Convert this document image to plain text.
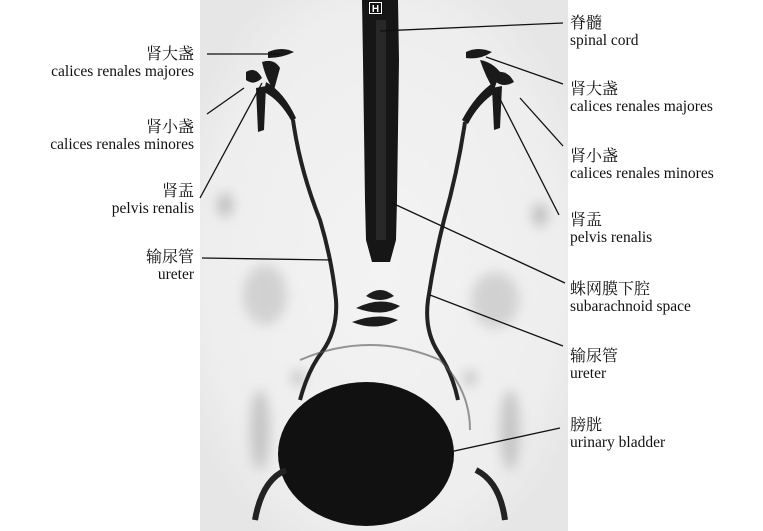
H
脊髓
spinal cord
肾大盏
calices renales majores
肾小盏
calices renales minores
肾盂
pelvis renalis
蛛网膜下腔
subarachnoid space
输尿管
ureter
膀胱
urinary bladder
肾大盏
calices renales majores
肾小盏
calices renales minores
肾盂
pelvis renalis
输尿管
ureter
